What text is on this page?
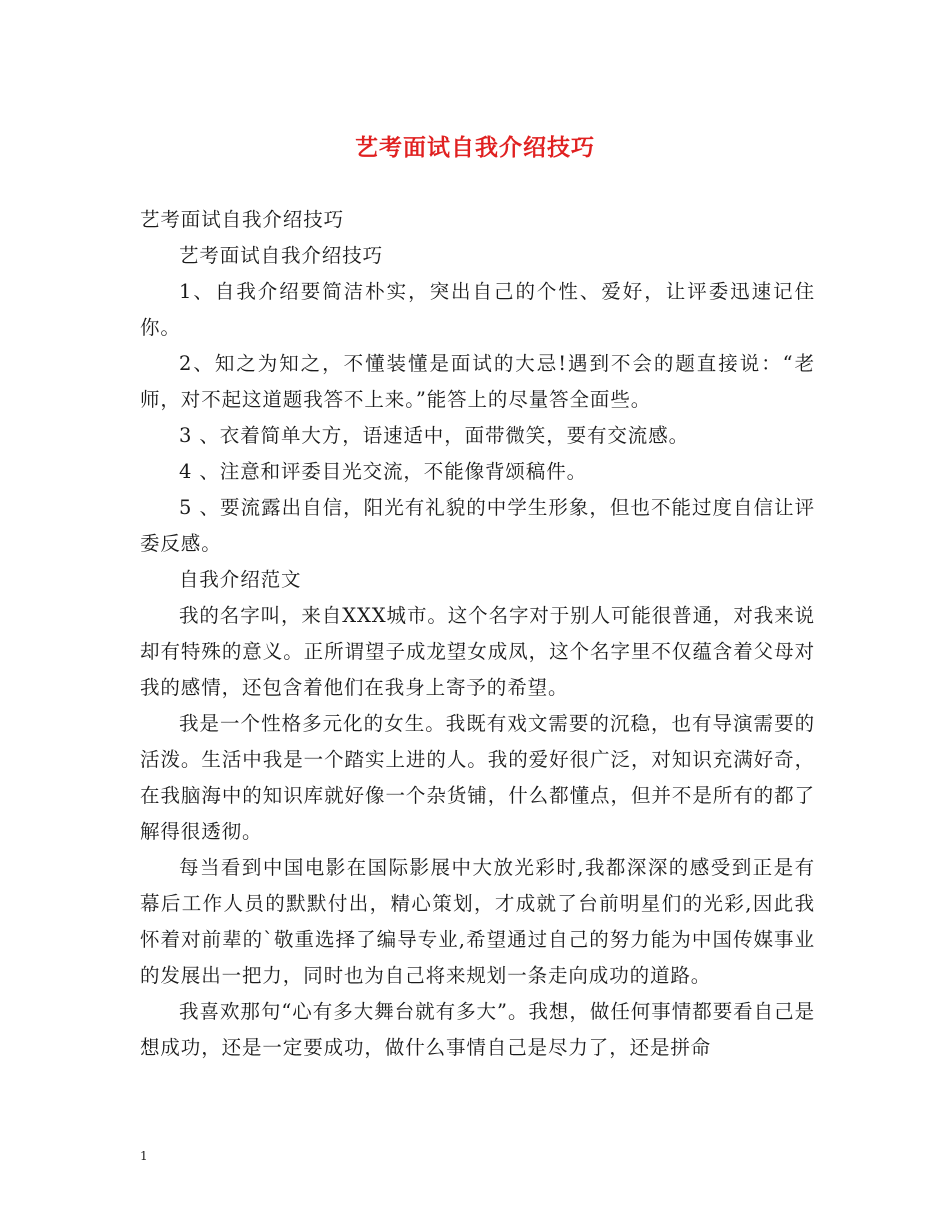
艺考面试自我介绍技巧

艺考面试自我介绍技巧

艺考面试自我介绍技巧

1、自我介绍要简洁朴实，突出自己的个性、爱好，让评委迅速记住你。

2、知之为知之，不懂装懂是面试的大忌!遇到不会的题直接说：“老师，对不起这道题我答不上来。”能答上的尽量答全面些。

3 、衣着简单大方，语速适中，面带微笑，要有交流感。

4 、注意和评委目光交流，不能像背颂稿件。

5 、要流露出自信，阳光有礼貌的中学生形象，但也不能过度自信让评委反感。

自我介绍范文

我的名字叫，来自XXX城市。这个名字对于别人可能很普通，对我来说却有特殊的意义。正所谓望子成龙望女成凤，这个名字里不仅蕴含着父母对我的感情，还包含着他们在我身上寄予的希望。

我是一个性格多元化的女生。我既有戏文需要的沉稳，也有导演需要的活泼。生活中我是一个踏实上进的人。我的爱好很广泛，对知识充满好奇，在我脑海中的知识库就好像一个杂货铺，什么都懂点，但并不是所有的都了解得很透彻。

每当看到中国电影在国际影展中大放光彩时,我都深深的感受到正是有幕后工作人员的默默付出，精心策划，才成就了台前明星们的光彩,因此我怀着对前辈的`敬重选择了编导专业,希望通过自己的努力能为中国传媒事业的发展出一把力，同时也为自己将来规划一条走向成功的道路。

我喜欢那句“心有多大舞台就有多大”。我想，做任何事情都要看自己是想成功，还是一定要成功，做什么事情自己是尽力了，还是拼命

1
